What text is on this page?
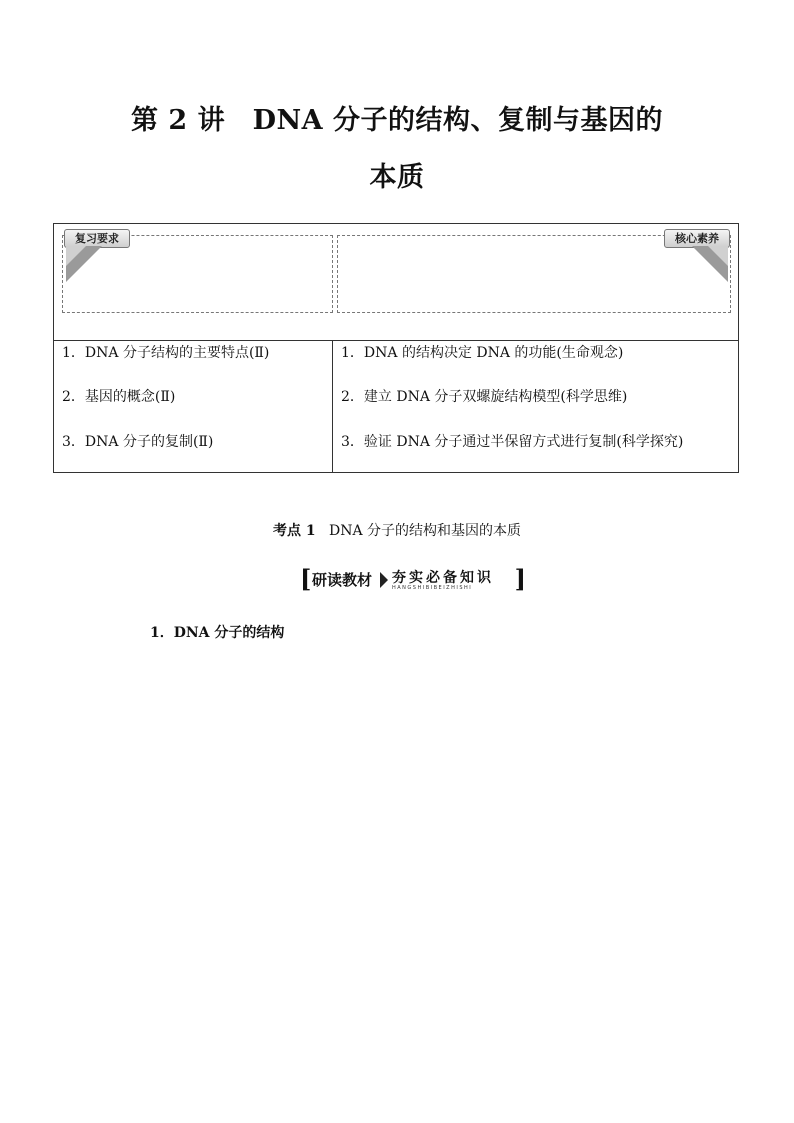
第 2 讲　DNA 分子的结构、复制与基因的
本质
复习要求	核心素养
1．DNA 分子结构的主要特点(Ⅱ)
2．基因的概念(Ⅱ)
3．DNA 分子的复制(Ⅱ)
1．DNA 的结构决定 DNA 的功能(生命观念)
2．建立 DNA 分子双螺旋结构模型(科学思维)
3．验证 DNA 分子通过半保留方式进行复制(科学探究)
考点 1 DNA 分子的结构和基因的本质
[ 研读教材 夯实必备知识
HANGSHIBIBEIZHISHI ]
1．DNA 分子的结构
